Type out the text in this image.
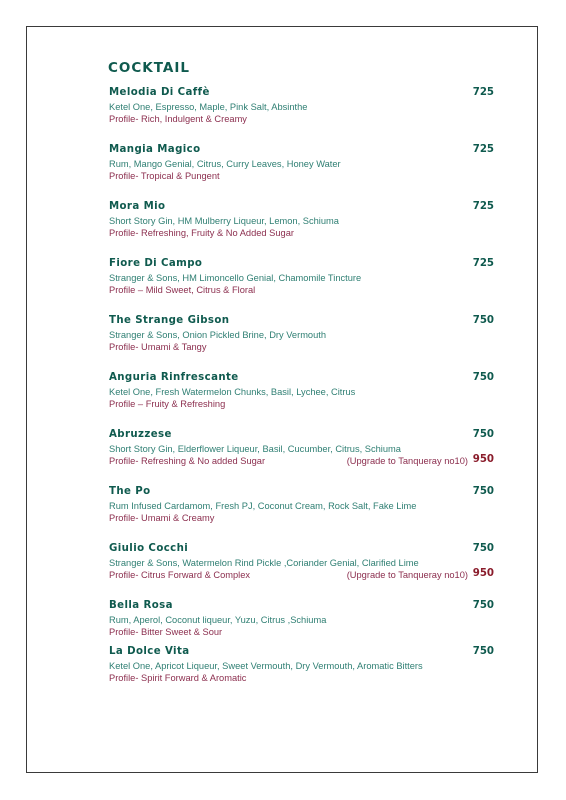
COCKTAIL
Melodia Di Caffè	725
Ketel One, Espresso, Maple, Pink Salt, Absinthe
Profile- Rich, Indulgent & Creamy
Mangia Magico	725
Rum, Mango Genial, Citrus, Curry Leaves, Honey Water
Profile- Tropical & Pungent
Mora Mio	725
Short Story Gin, HM Mulberry Liqueur, Lemon, Schiuma
Profile- Refreshing, Fruity & No Added Sugar
Fiore Di Campo	725
Stranger & Sons, HM Limoncello Genial, Chamomile Tincture
Profile – Mild Sweet, Citrus & Floral
The Strange Gibson	750
Stranger & Sons, Onion Pickled Brine, Dry Vermouth
Profile- Umami & Tangy
Anguria Rinfrescante	750
Ketel One, Fresh Watermelon Chunks, Basil, Lychee, Citrus
Profile – Fruity & Refreshing
Abruzzese	750
Short Story Gin, Elderflower Liqueur, Basil, Cucumber, Citrus, Schiuma
Profile- Refreshing & No added Sugar	(Upgrade to Tanqueray no10) 950
The Po	750
Rum Infused Cardamom, Fresh PJ, Coconut Cream, Rock Salt, Fake Lime
Profile- Umami & Creamy
Giulio Cocchi	750
Stranger & Sons, Watermelon Rind Pickle ,Coriander Genial, Clarified Lime
Profile- Citrus Forward & Complex	(Upgrade to Tanqueray no10) 950
Bella Rosa	750
Rum, Aperol, Coconut liqueur, Yuzu, Citrus ,Schiuma
Profile- Bitter Sweet & Sour
La Dolce Vita	750
Ketel One, Apricot Liqueur, Sweet Vermouth, Dry Vermouth, Aromatic Bitters
Profile- Spirit Forward & Aromatic
